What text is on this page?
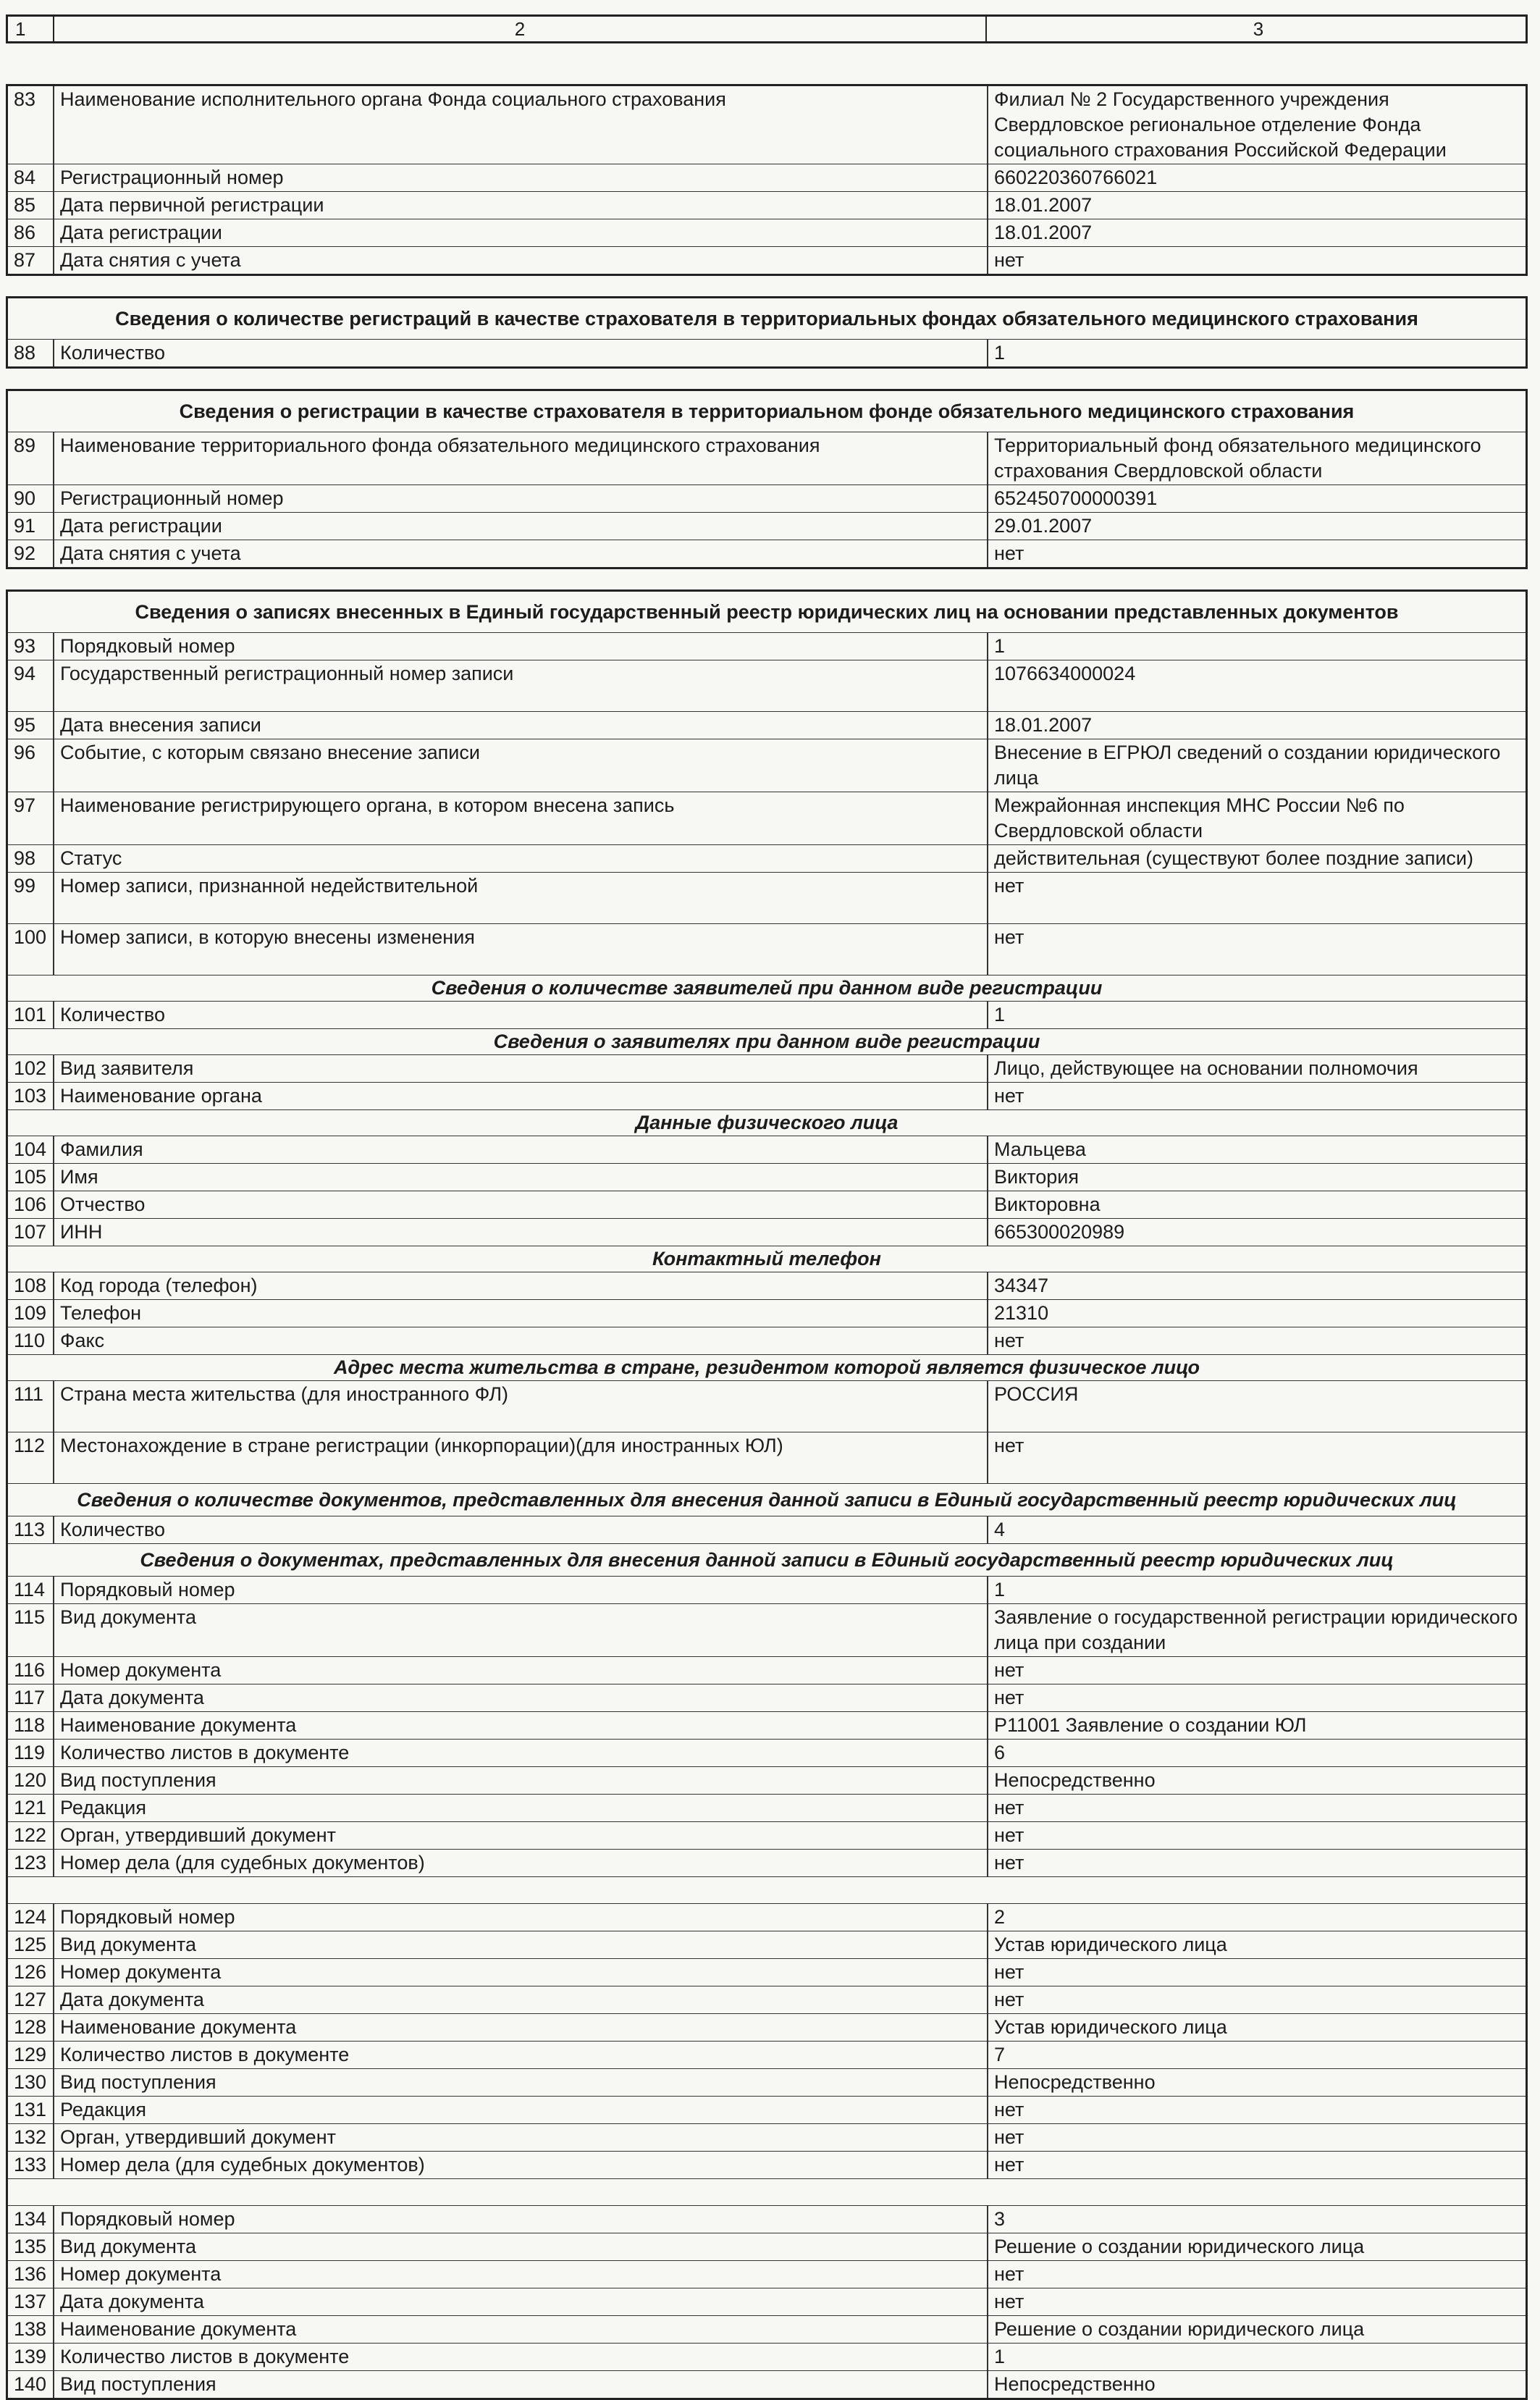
1	2	3
83	Наименование исполнительного органа Фонда социального страхования	Филиал № 2 Государственного учреждения Свердловское региональное отделение Фонда социального страхования Российской Федерации
84	Регистрационный номер	660220360766021
85	Дата первичной регистрации	18.01.2007
86	Дата регистрации	18.01.2007
87	Дата снятия с учета	нет
Сведения о количестве регистраций в качестве страхователя в территориальных фондах обязательного медицинского страхования
88	Количество	1
Сведения о регистрации в качестве страхователя в территориальном фонде обязательного медицинского страхования
89	Наименование территориального фонда обязательного медицинского страхования	Территориальный фонд обязательного медицинского страхования Свердловской области
90	Регистрационный номер	652450700000391
91	Дата регистрации	29.01.2007
92	Дата снятия с учета	нет
Сведения о записях внесенных в Единый государственный реестр юридических лиц на основании представленных документов
93	Порядковый номер	1
94	Государственный регистрационный номер записи	1076634000024
95	Дата внесения записи	18.01.2007
96	Событие, с которым связано внесение записи	Внесение в ЕГРЮЛ сведений о создании юридического лица
97	Наименование регистрирующего органа, в котором внесена запись	Межрайонная инспекция МНС России №6 по Свердловской области
98	Статус	действительная (существуют более поздние записи)
99	Номер записи, признанной недействительной	нет
100 Номер записи, в которую внесены изменения	нет
Сведения о количестве заявителей при данном виде регистрации
101 Количество	1
Сведения о заявителях при данном виде регистрации
102 Вид заявителя	Лицо, действующее на основании полномочия
103 Наименование органа	нет
Данные физического лица
104 Фамилия	Мальцева
105 Имя	Виктория
106 Отчество	Викторовна
107 ИНН	665300020989
Контактный телефон
108 Код города (телефон)	34347
109 Телефон	21310
110 Факс	нет
Адрес места жительства в стране, резидентом которой является физическое лицо
111 Страна места жительства (для иностранного ФЛ)	РОССИЯ
112 Местонахождение в стране регистрации (инкорпорации)(для иностранных ЮЛ)	нет
Сведения о количестве документов, представленных для внесения данной записи в Единый государственный реестр юридических лиц
113 Количество	4
Сведения о документах, представленных для внесения данной записи в Единый государственный реестр юридических лиц
114 Порядковый номер	1
115 Вид документа	Заявление о государственной регистрации юридического лица при создании
116 Номер документа	нет
117 Дата документа	нет
118 Наименование документа	Р11001 Заявление о создании ЮЛ
119 Количество листов в документе	6
120 Вид поступления	Непосредственно
121 Редакция	нет
122 Орган, утвердивший документ	нет
123 Номер дела (для судебных документов)	нет
124 Порядковый номер	2
125 Вид документа	Устав юридического лица
126 Номер документа	нет
127 Дата документа	нет
128 Наименование документа	Устав юридического лица
129 Количество листов в документе	7
130 Вид поступления	Непосредственно
131 Редакция	нет
132 Орган, утвердивший документ	нет
133 Номер дела (для судебных документов)	нет
134 Порядковый номер	3
135 Вид документа	Решение о создании юридического лица
136 Номер документа	нет
137 Дата документа	нет
138 Наименование документа	Решение о создании юридического лица
139 Количество листов в документе	1
140 Вид поступления	Непосредственно
